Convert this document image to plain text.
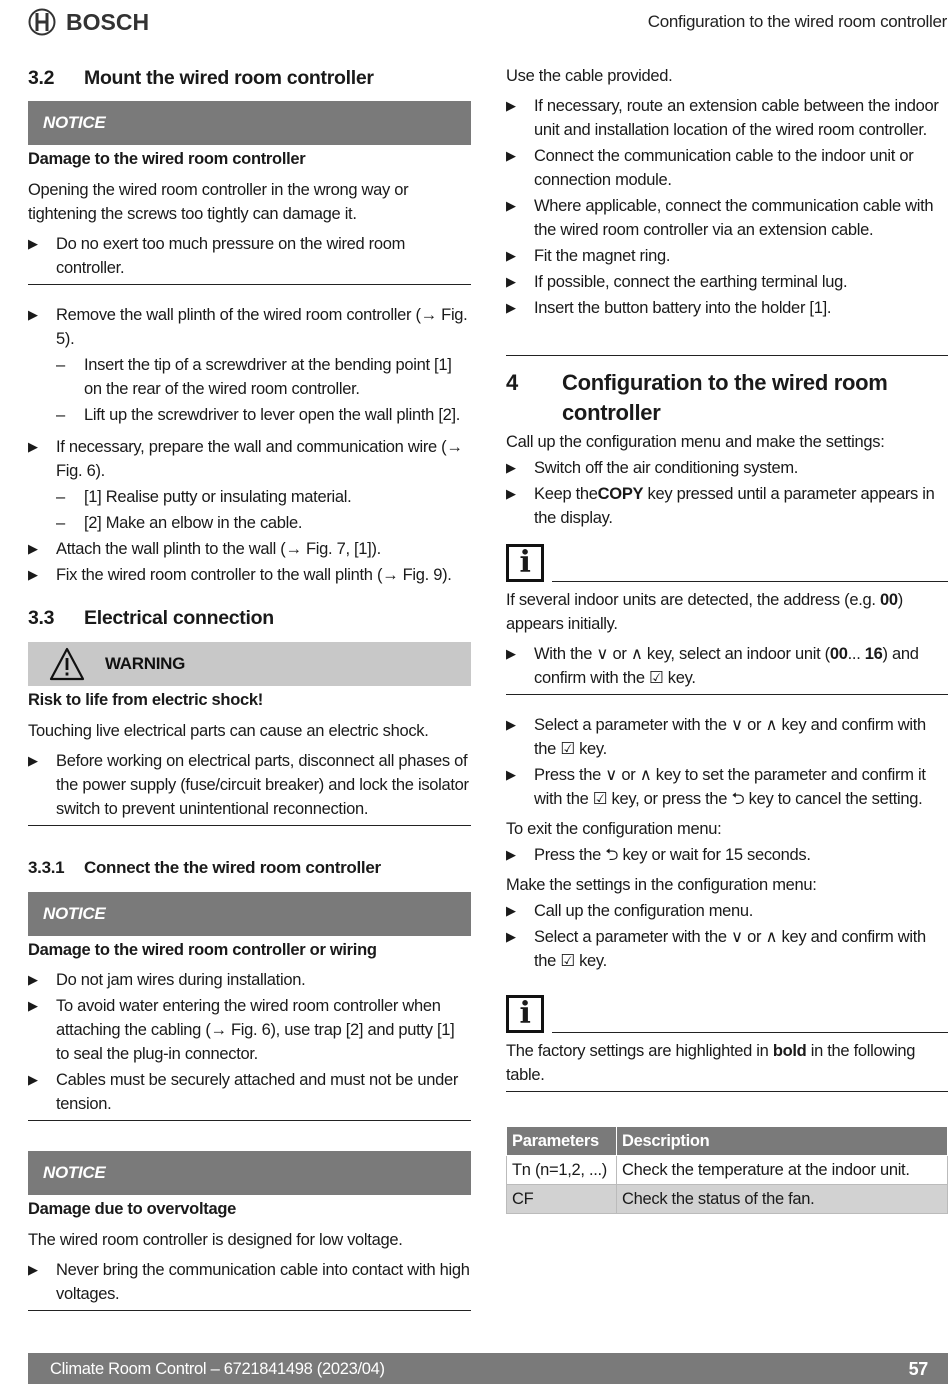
BOSCH	Configuration to the wired room controller
3.2	Mount the wired room controller
NOTICE
Damage to the wired room controller

Opening the wired room controller in the wrong way or tightening the screws too tightly can damage it.

▶ Do no exert too much pressure on the wired room controller.
▶ Remove the wall plinth of the wired room controller (→ Fig. 5).
– Insert the tip of a screwdriver at the bending point [1] on the rear of the wired room controller.
– Lift up the screwdriver to lever open the wall plinth [2].
▶ If necessary, prepare the wall and communication wire (→ Fig. 6).
– [1] Realise putty or insulating material.
– [2] Make an elbow in the cable.
▶ Attach the wall plinth to the wall (→ Fig. 7, [1]).
▶ Fix the wired room controller to the wall plinth (→ Fig. 9).
3.3	Electrical connection
WARNING
Risk to life from electric shock!

Touching live electrical parts can cause an electric shock.

▶ Before working on electrical parts, disconnect all phases of the power supply (fuse/circuit breaker) and lock the isolator switch to prevent unintentional reconnection.
3.3.1	Connect the the wired room controller
NOTICE
Damage to the wired room controller or wiring
▶ Do not jam wires during installation.
▶ To avoid water entering the wired room controller when attaching the cabling (→ Fig. 6), use trap [2] and putty [1] to seal the plug-in connector.
▶ Cables must be securely attached and must not be under tension.
NOTICE
Damage due to overvoltage

The wired room controller is designed for low voltage.

▶ Never bring the communication cable into contact with high voltages.

Use the cable provided.

▶ If necessary, route an extension cable between the indoor unit and installation location of the wired room controller.
▶ Connect the communication cable to the indoor unit or connection module.
▶ Where applicable, connect the communication cable with the wired room controller via an extension cable.
▶ Fit the magnet ring.
▶ If possible, connect the earthing terminal lug.
▶ Insert the button battery into the holder [1].
4	Configuration to the wired room controller

Call up the configuration menu and make the settings:

▶ Switch off the air conditioning system.
▶ Keep theCOPY key pressed until a parameter appears in the display.
i

If several indoor units are detected, the address (e.g. 00) appears initially.

▶ With the ∨ or ∧ key, select an indoor unit (00... 16) and confirm with the ☑ key.
▶ Select a parameter with the ∨ or ∧ key and confirm with the ☑ key.
▶ Press the ∨ or ∧ key to set the parameter and confirm it with the ☑ key, or press the ⮌ key to cancel the setting.

To exit the configuration menu:

▶ Press the ⮌ key or wait for 15 seconds.

Make the settings in the configuration menu:

▶ Call up the configuration menu.
▶ Select a parameter with the ∨ or ∧ key and confirm with the ☑ key.
i

The factory settings are highlighted in bold in the following table.

Parameters	Description
Tn (n=1,2, ...)	Check the temperature at the indoor unit.
CF	Check the status of the fan.
Climate Room Control – 6721841498 (2023/04)	57
